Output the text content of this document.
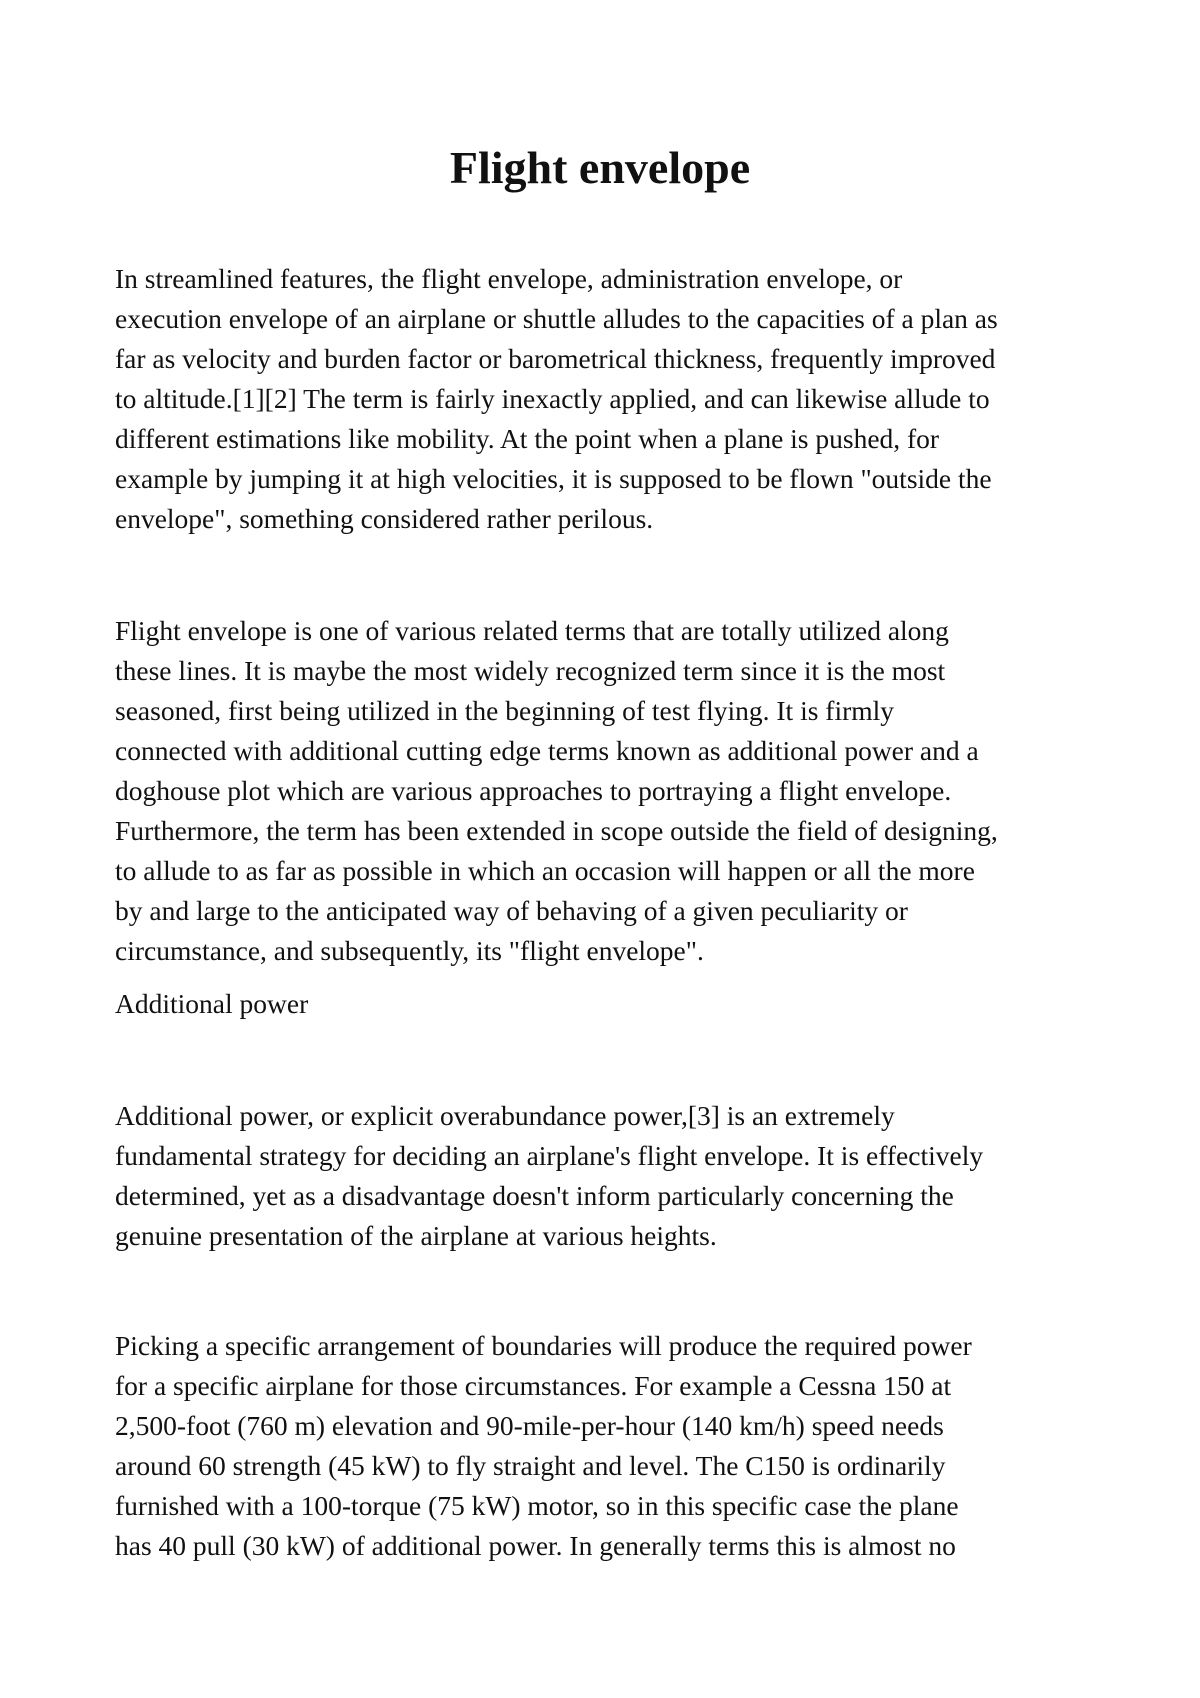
Flight envelope

In streamlined features, the flight envelope, administration envelope, or
execution envelope of an airplane or shuttle alludes to the capacities of a plan as
far as velocity and burden factor or barometrical thickness, frequently improved
to altitude.[1][2] The term is fairly inexactly applied, and can likewise allude to
different estimations like mobility. At the point when a plane is pushed, for
example by jumping it at high velocities, it is supposed to be flown "outside the
envelope", something considered rather perilous.

Flight envelope is one of various related terms that are totally utilized along
these lines. It is maybe the most widely recognized term since it is the most
seasoned, first being utilized in the beginning of test flying. It is firmly
connected with additional cutting edge terms known as additional power and a
doghouse plot which are various approaches to portraying a flight envelope.
Furthermore, the term has been extended in scope outside the field of designing,
to allude to as far as possible in which an occasion will happen or all the more
by and large to the anticipated way of behaving of a given peculiarity or
circumstance, and subsequently, its "flight envelope".

Additional power

Additional power, or explicit overabundance power,[3] is an extremely
fundamental strategy for deciding an airplane's flight envelope. It is effectively
determined, yet as a disadvantage doesn't inform particularly concerning the
genuine presentation of the airplane at various heights.

Picking a specific arrangement of boundaries will produce the required power
for a specific airplane for those circumstances. For example a Cessna 150 at
2,500-foot (760 m) elevation and 90-mile-per-hour (140 km/h) speed needs
around 60 strength (45 kW) to fly straight and level. The C150 is ordinarily
furnished with a 100-torque (75 kW) motor, so in this specific case the plane
has 40 pull (30 kW) of additional power. In generally terms this is almost no
